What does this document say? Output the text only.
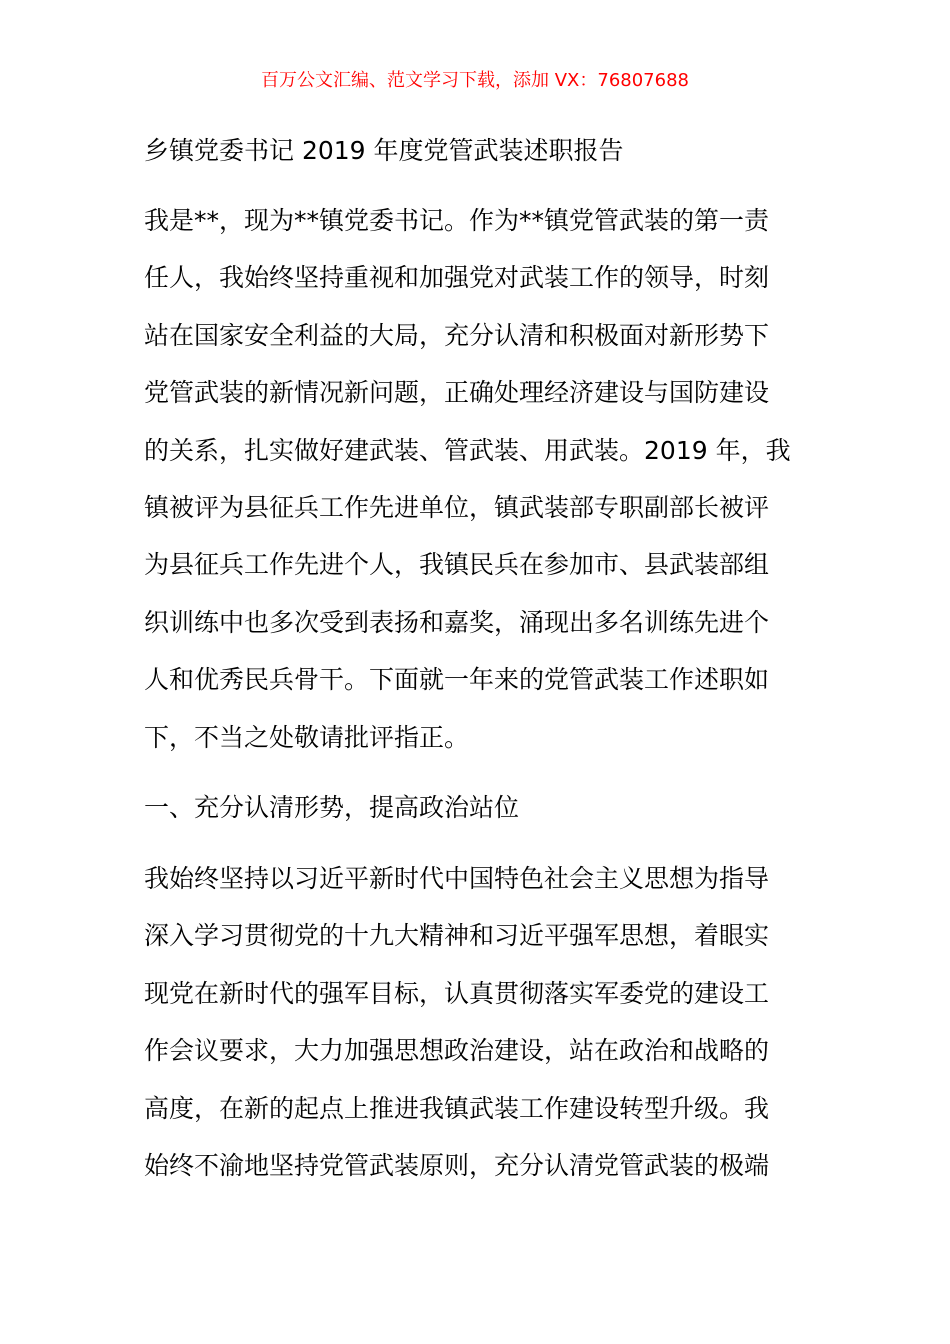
百万公文汇编、范文学习下载，添加 VX：76807688
乡镇党委书记 2019 年度党管武装述职报告
我是**，现为**镇党委书记。作为**镇党管武装的第一责
任人，我始终坚持重视和加强党对武装工作的领导，时刻
站在国家安全利益的大局，充分认清和积极面对新形势下
党管武装的新情况新问题，正确处理经济建设与国防建设
的关系，扎实做好建武装、管武装、用武装。2019 年，我
镇被评为县征兵工作先进单位，镇武装部专职副部长被评
为县征兵工作先进个人，我镇民兵在参加市、县武装部组
织训练中也多次受到表扬和嘉奖，涌现出多名训练先进个
人和优秀民兵骨干。下面就一年来的党管武装工作述职如
下，不当之处敬请批评指正。
一、充分认清形势，提高政治站位
我始终坚持以习近平新时代中国特色社会主义思想为指导
深入学习贯彻党的十九大精神和习近平强军思想，着眼实
现党在新时代的强军目标，认真贯彻落实军委党的建设工
作会议要求，大力加强思想政治建设，站在政治和战略的
高度，在新的起点上推进我镇武装工作建设转型升级。我
始终不渝地坚持党管武装原则，充分认清党管武装的极端
